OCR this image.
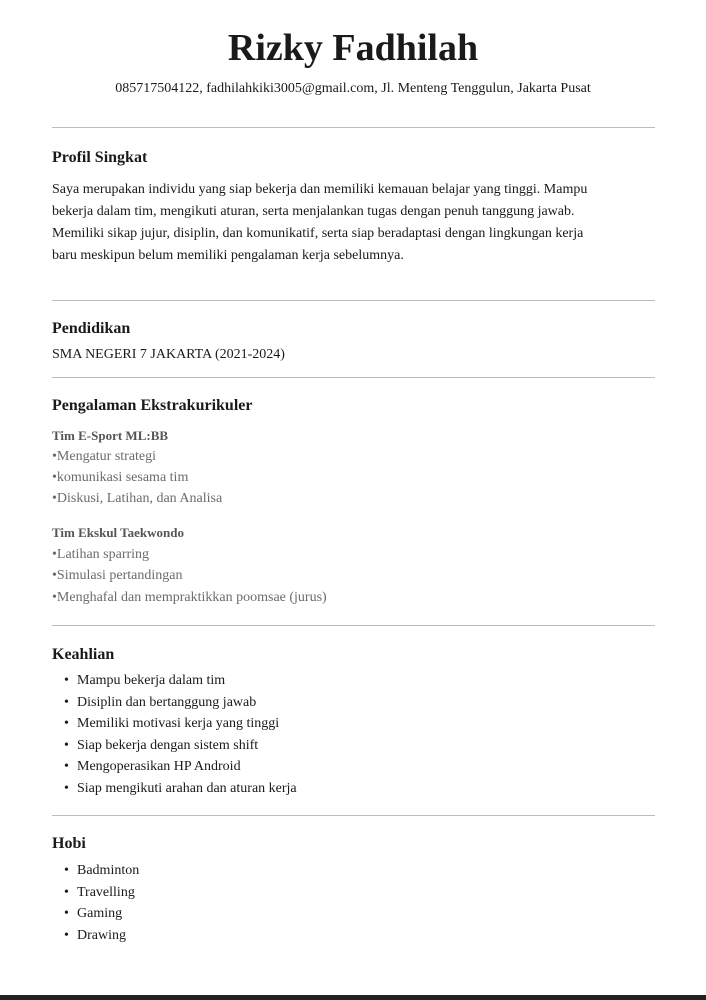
Rizky Fadhilah

085717504122, fadhilahkiki3005@gmail.com, Jl. Menteng Tenggulun, Jakarta Pusat

Profil Singkat

Saya merupakan individu yang siap bekerja dan memiliki kemauan belajar yang tinggi. Mampu

bekerja dalam tim, mengikuti aturan, serta menjalankan tugas dengan penuh tanggung jawab.

Memiliki sikap jujur, disiplin, dan komunikatif, serta siap beradaptasi dengan lingkungan kerja

baru meskipun belum memiliki pengalaman kerja sebelumnya.

Pendidikan

SMA NEGERI 7 JAKARTA (2021-2024)

Pengalaman Ekstrakurikuler

Tim E-Sport ML:BB

•Mengatur strategi

•komunikasi sesama tim

•Diskusi, Latihan, dan Analisa

Tim Ekskul Taekwondo

•Latihan sparring

•Simulasi pertandingan

•Menghafal dan mempraktikkan poomsae (jurus)

Keahlian
• Mampu bekerja dalam tim
• Disiplin dan bertanggung jawab
• Memiliki motivasi kerja yang tinggi
• Siap bekerja dengan sistem shift
• Mengoperasikan HP Android
• Siap mengikuti arahan dan aturan kerja
Hobi
• Badminton
• Travelling
• Gaming
• Drawing
